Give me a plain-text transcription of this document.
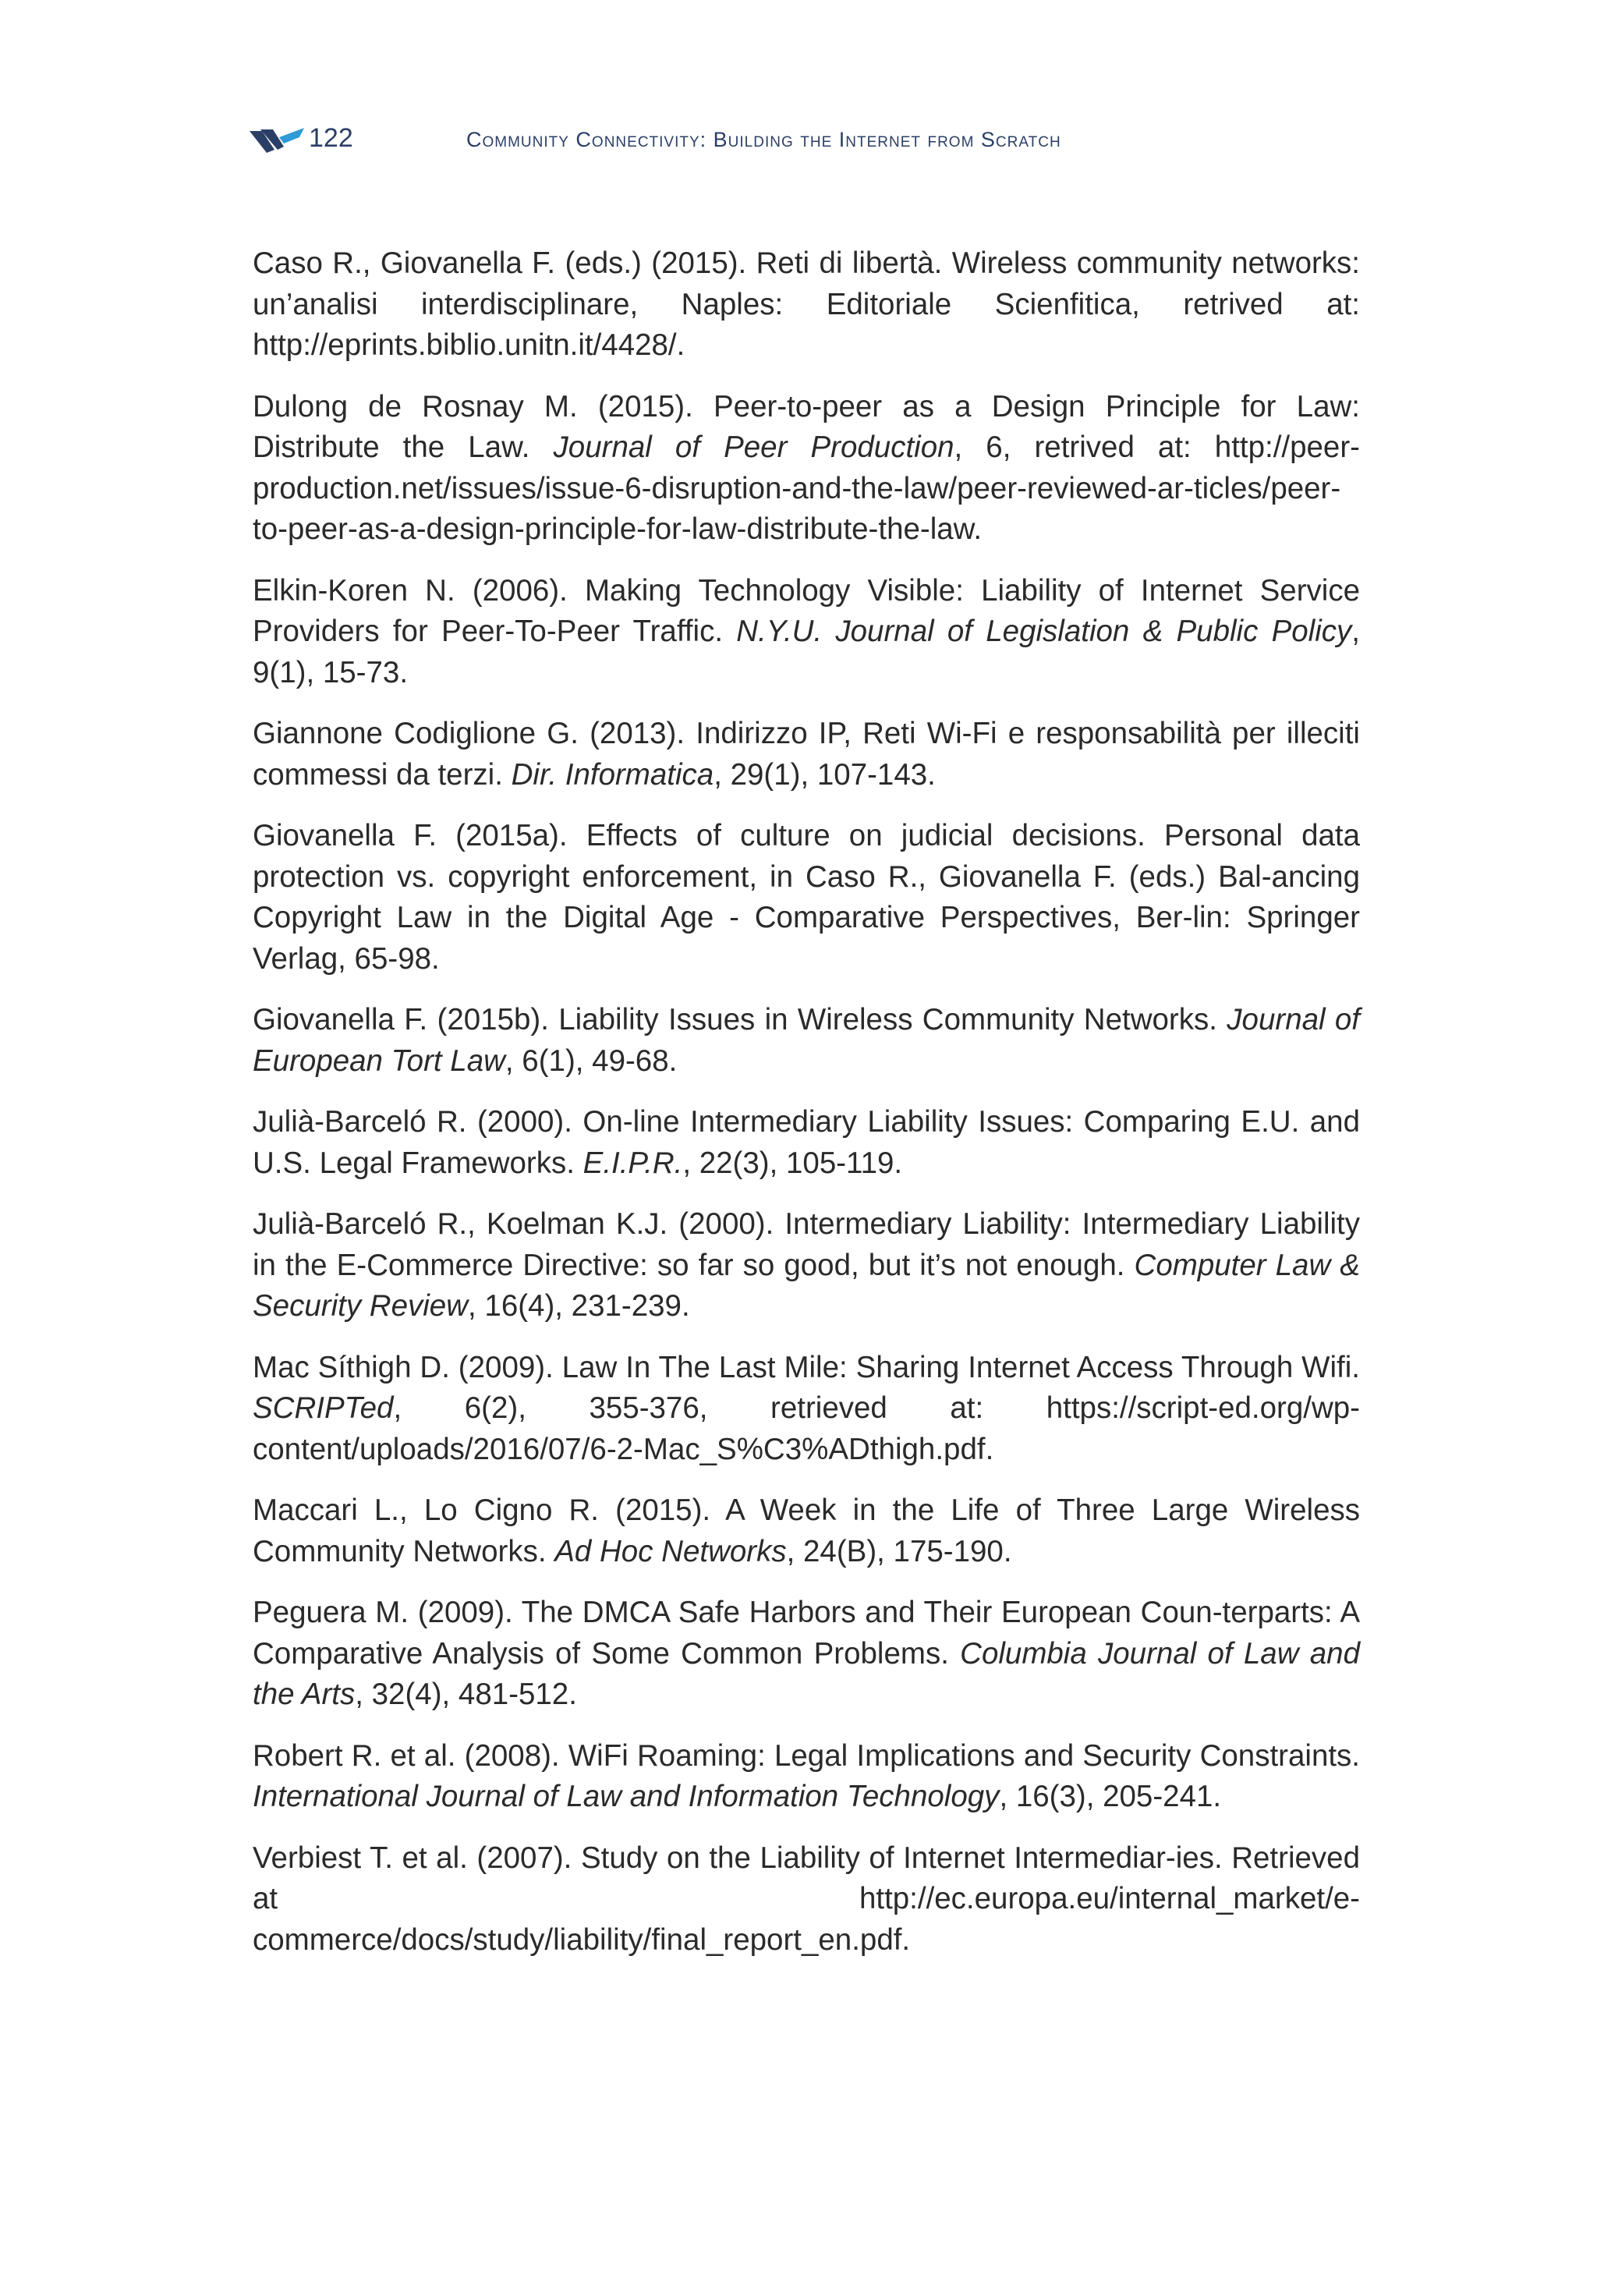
122	Community Connectivity: Building the Internet from Scratch
Caso R., Giovanella F. (eds.) (2015). Reti di libertà. Wireless community networks: un’analisi interdisciplinare, Naples: Editoriale Scienfitica, retrived at: http://eprints.biblio.unitn.it/4428/.
Dulong de Rosnay M. (2015). Peer-to-peer as a Design Principle for Law: Distribute the Law. Journal of Peer Production, 6, retrived at: http://peer-production.net/issues/issue-6-disruption-and-the-law/peer-reviewed-ar-ticles/peer-to-peer-as-a-design-principle-for-law-distribute-the-law.
Elkin-Koren N. (2006). Making Technology Visible: Liability of Internet Service Providers for Peer-To-Peer Traffic. N.Y.U. Journal of Legislation & Public Policy, 9(1), 15-73.
Giannone Codiglione G. (2013). Indirizzo IP, Reti Wi-Fi e responsabilità per illeciti commessi da terzi. Dir. Informatica, 29(1), 107-143.
Giovanella F. (2015a). Effects of culture on judicial decisions. Personal data protection vs. copyright enforcement, in Caso R., Giovanella F. (eds.) Bal-ancing Copyright Law in the Digital Age - Comparative Perspectives, Ber-lin: Springer Verlag, 65-98.
Giovanella F. (2015b). Liability Issues in Wireless Community Networks. Journal of European Tort Law, 6(1), 49-68.
Julià-Barceló R. (2000). On-line Intermediary Liability Issues: Comparing E.U. and U.S. Legal Frameworks. E.I.P.R., 22(3), 105-119.
Julià-Barceló R., Koelman K.J. (2000). Intermediary Liability: Intermediary Liability in the E-Commerce Directive: so far so good, but it’s not enough. Computer Law & Security Review, 16(4), 231-239.
Mac Síthigh D. (2009). Law In The Last Mile: Sharing Internet Access Through Wifi. SCRIPTed, 6(2), 355-376, retrieved at: https://script-ed.org/wp-content/uploads/2016/07/6-2-Mac_S%C3%ADthigh.pdf.
Maccari L., Lo Cigno R. (2015). A Week in the Life of Three Large Wireless Community Networks. Ad Hoc Networks, 24(B), 175-190.
Peguera M. (2009). The DMCA Safe Harbors and Their European Coun-terparts: A Comparative Analysis of Some Common Problems. Columbia Journal of Law and the Arts, 32(4), 481-512.
Robert R. et al. (2008). WiFi Roaming: Legal Implications and Security Constraints. International Journal of Law and Information Technology, 16(3), 205-241.
Verbiest T. et al. (2007). Study on the Liability of Internet Intermediar-ies. Retrieved at http://ec.europa.eu/internal_market/e-commerce/docs/study/liability/final_report_en.pdf.
